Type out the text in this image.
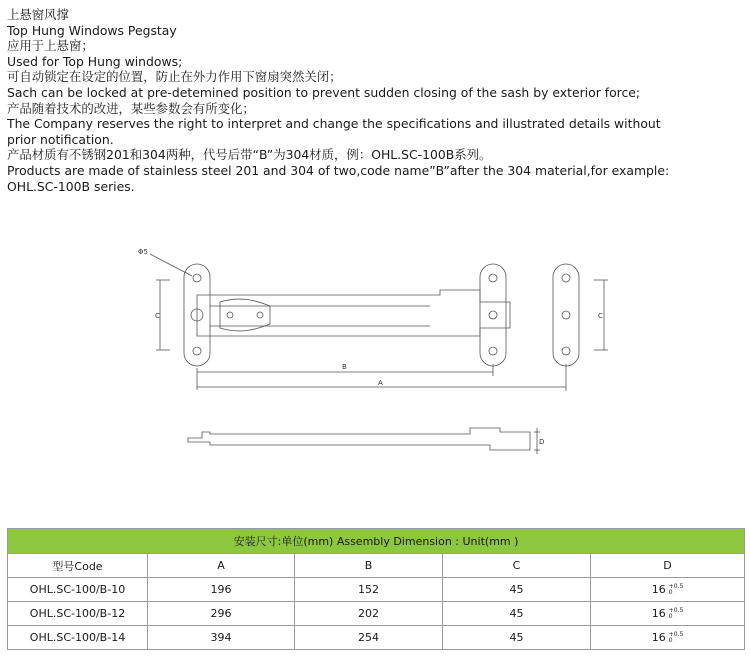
上悬窗风撑
Top Hung Windows Pegstay
应用于上悬窗；
Used for Top Hung windows;
可自动锁定在设定的位置，防止在外力作用下窗扇突然关闭；
Sach can be locked at pre-detemined position to prevent sudden closing of the sash by exterior force;
产品随着技术的改进，某些参数会有所变化；
The Company reserves the right to interpret and change the specifications and illustrated details without
prior notification.
产品材质有不锈钢201和304两种，代号后带“B”为304材质，例：OHL.SC-100B系列。
Products are made of stainless steel 201 and 304 of two,code name”B”after the 304 material,for example:
OHL.SC-100B series.
Φ5
C	C
B
A
D
安装尺寸:单位(mm) Assembly Dimension : Unit(mm )				
型号Code	A	B	C	D
OHL.SC-100/B-10	196	152	45	16 +0.5
0

OHL.SC-100/B-12	296	202	45	16 +0.5
0

OHL.SC-100/B-14	394	254	45	16 +0.5
0
